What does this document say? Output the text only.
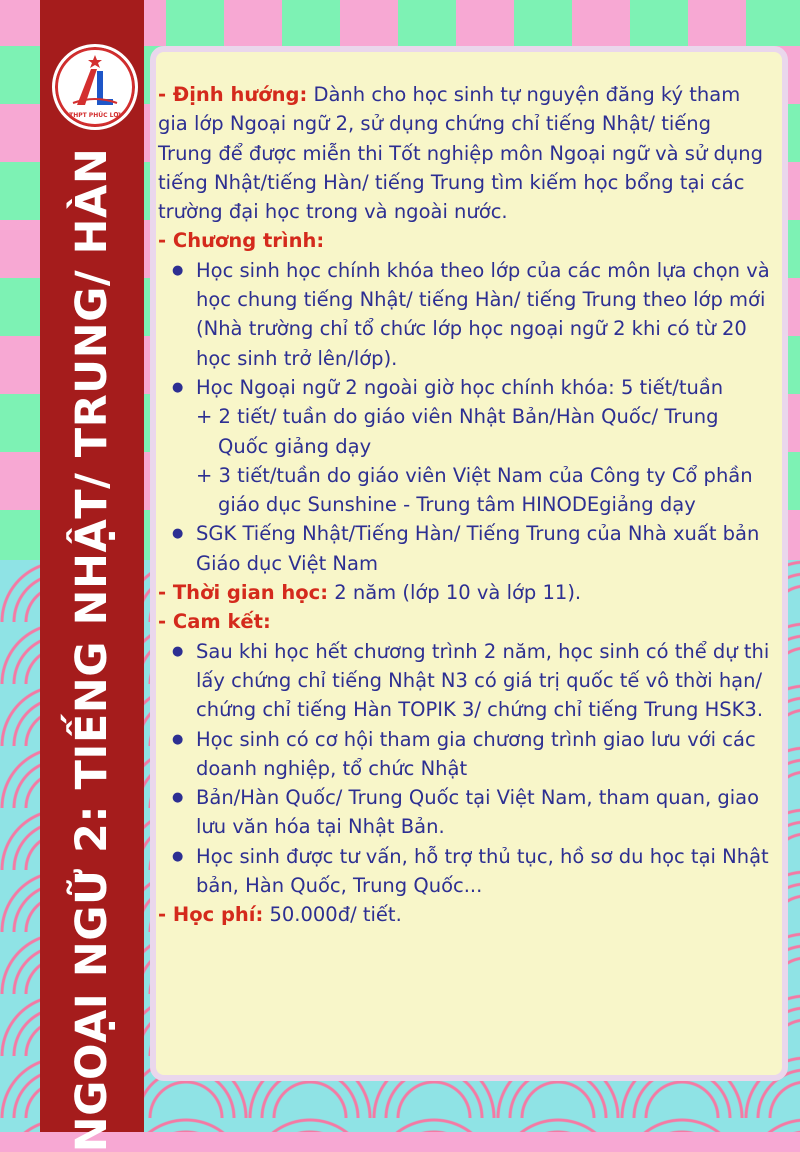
THPT PHÚC LỢI
NGOẠI NGỮ 2: TIẾNG NHẬT/ TRUNG/ HÀN

- Định hướng: Dành cho học sinh tự nguyện đăng ký tham gia lớp Ngoại ngữ 2, sử dụng chứng chỉ tiếng Nhật/ tiếng Trung để được miễn thi Tốt nghiệp môn Ngoại ngữ và sử dụng tiếng Nhật/tiếng Hàn/ tiếng Trung tìm kiếm học bổng tại các trường đại học trong và ngoài nước.

- Chương trình:

● Học sinh học chính khóa theo lớp của các môn lựa chọn và học chung tiếng Nhật/ tiếng Hàn/ tiếng Trung theo lớp mới (Nhà trường chỉ tổ chức lớp học ngoại ngữ 2 khi có từ 20 học sinh trở lên/lớp).
● Học Ngoại ngữ 2 ngoài giờ học chính khóa: 5 tiết/tuần

+ 2 tiết/ tuần do giáo viên Nhật Bản/Hàn Quốc/ Trung Quốc giảng dạy

+ 3 tiết/tuần do giáo viên Việt Nam của Công ty Cổ phần giáo dục Sunshine - Trung tâm HINODEgiảng dạy

● SGK Tiếng Nhật/Tiếng Hàn/ Tiếng Trung của Nhà xuất bản Giáo dục Việt Nam

- Thời gian học: 2 năm (lớp 10 và lớp 11).

- Cam kết:

● Sau khi học hết chương trình 2 năm, học sinh có thể dự thi lấy chứng chỉ tiếng Nhật N3 có giá trị quốc tế vô thời hạn/ chứng chỉ tiếng Hàn TOPIK 3/ chứng chỉ tiếng Trung HSK3.
● Học sinh có cơ hội tham gia chương trình giao lưu với các doanh nghiệp, tổ chức Nhật
● Bản/Hàn Quốc/ Trung Quốc tại Việt Nam, tham quan, giao lưu văn hóa tại Nhật Bản.
● Học sinh được tư vấn, hỗ trợ thủ tục, hồ sơ du học tại Nhật bản, Hàn Quốc, Trung Quốc...

- Học phí: 50.000đ/ tiết.
